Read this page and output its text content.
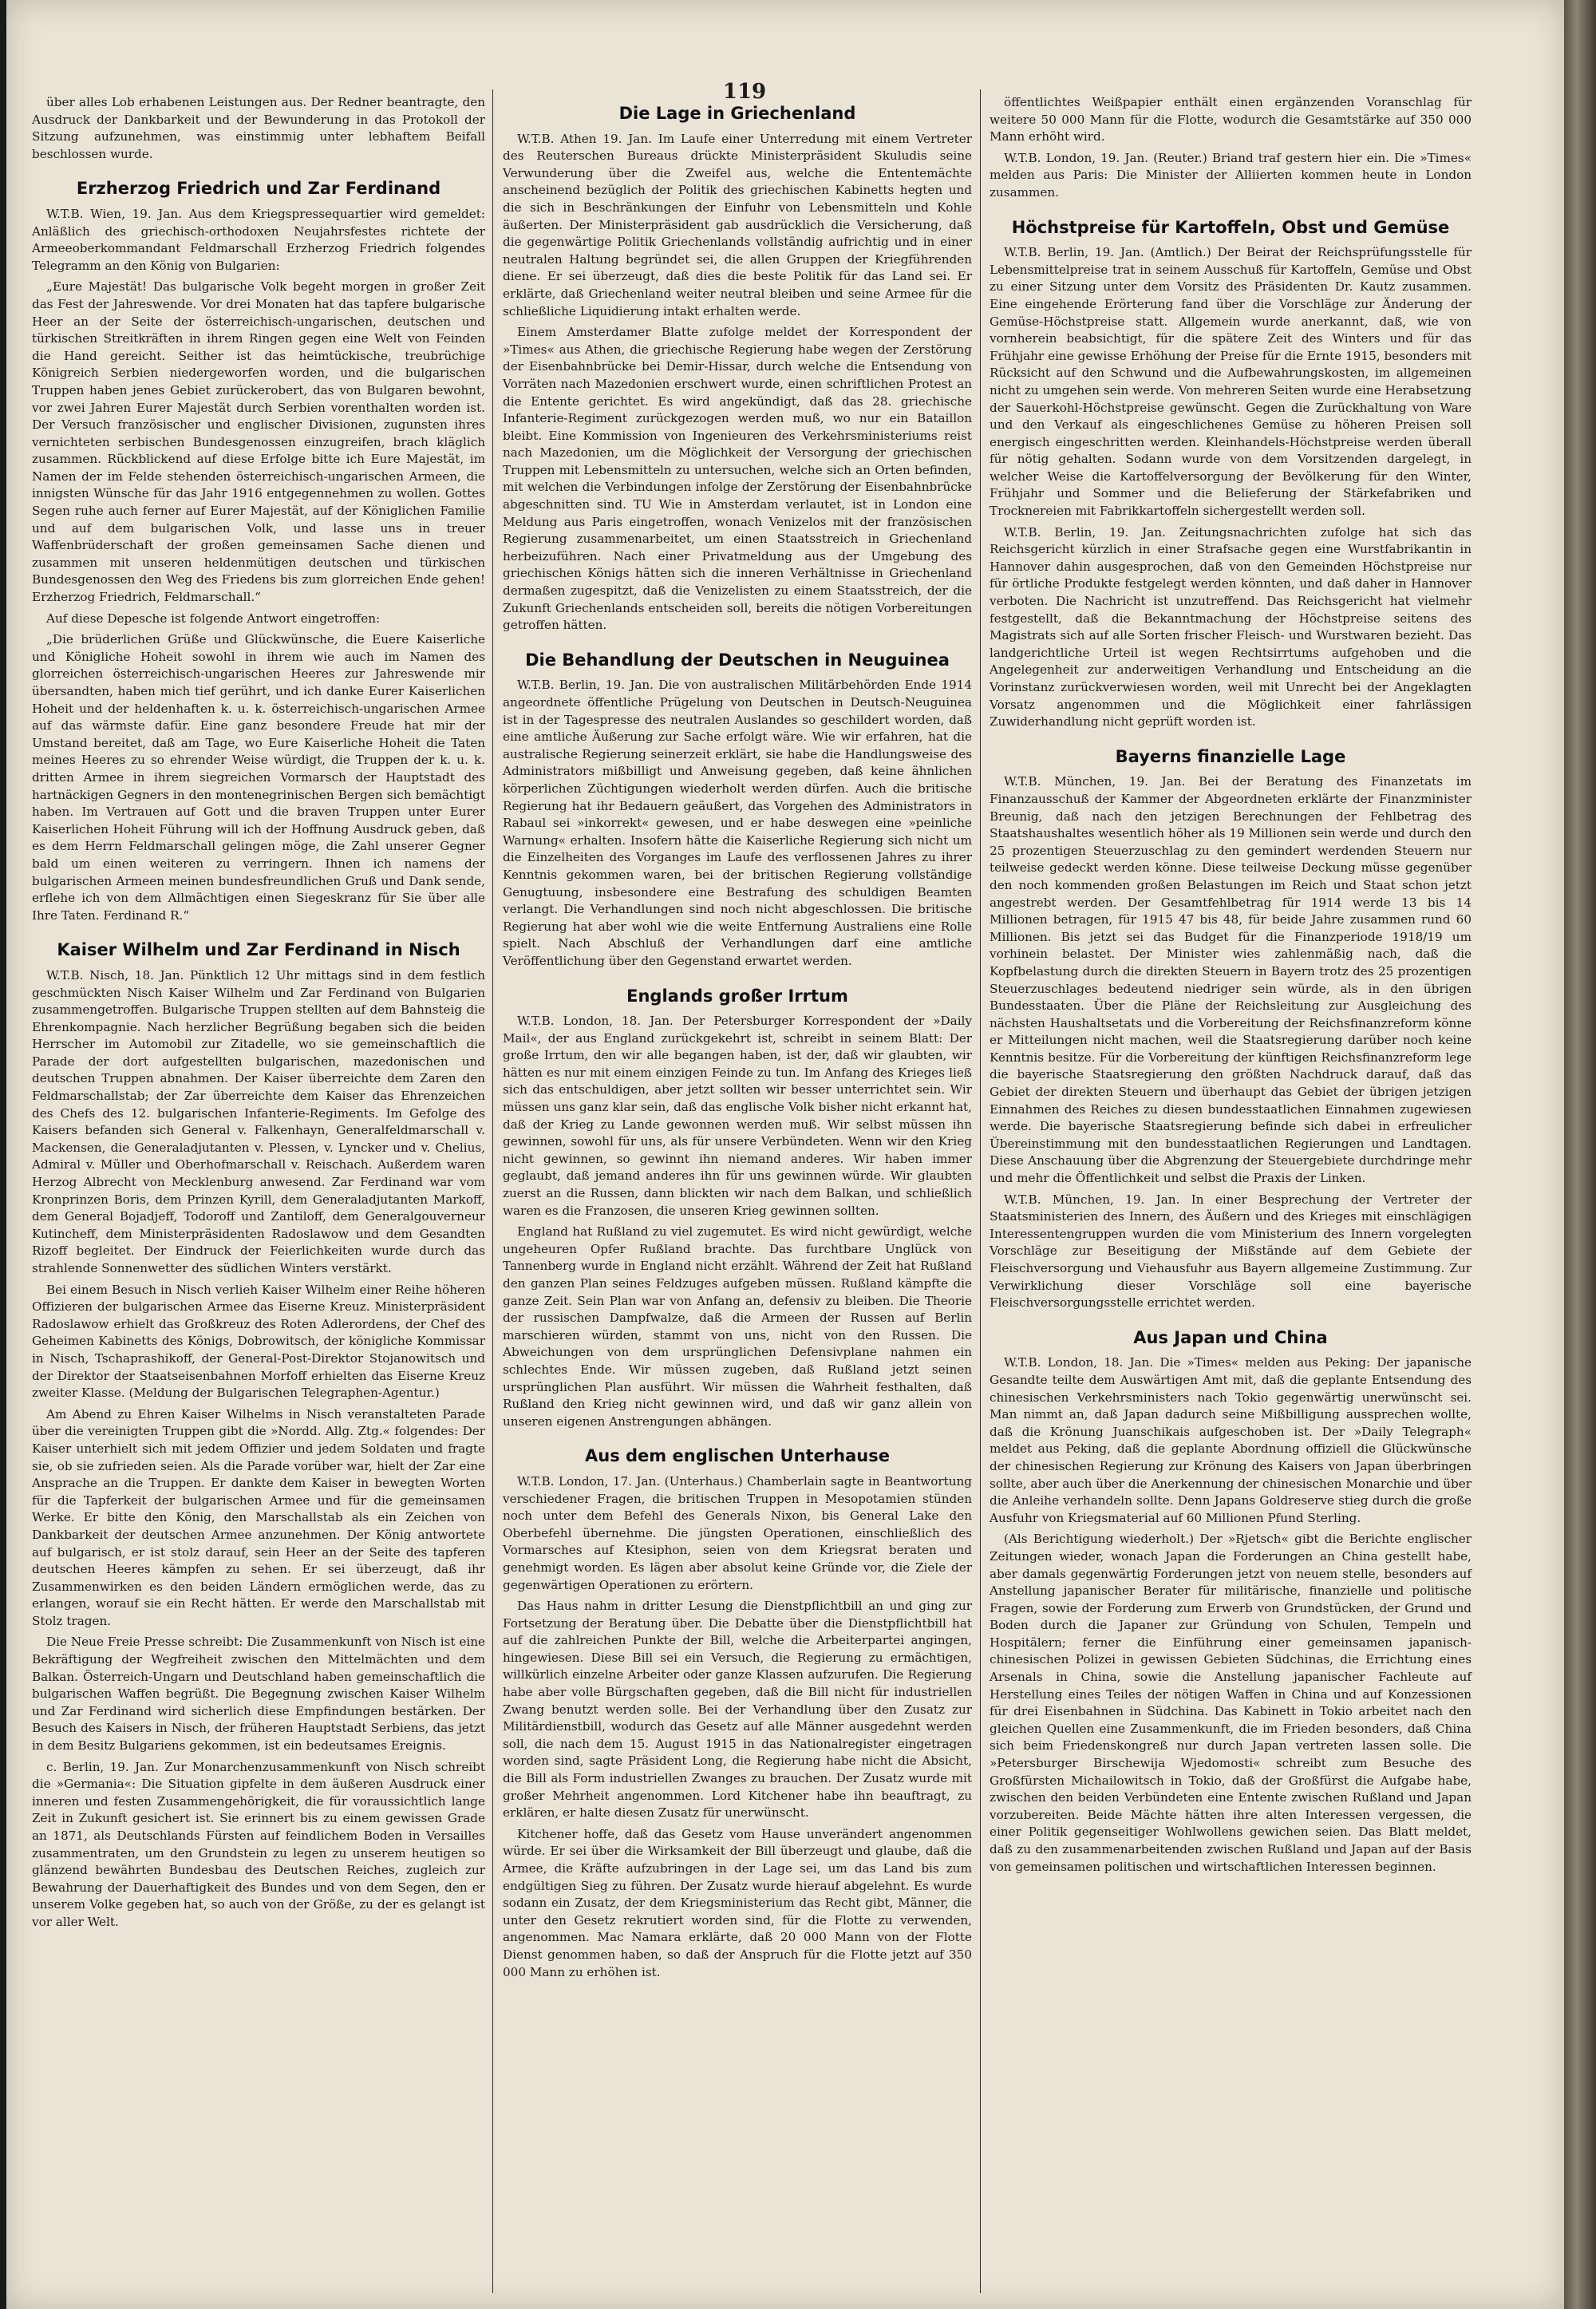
119

über alles Lob erhabenen Leistungen aus. Der Redner beantragte, den Ausdruck der Dankbarkeit und der Bewunderung in das Protokoll der Sitzung aufzunehmen, was einstimmig unter lebhaftem Beifall beschlossen wurde.

Erzherzog Friedrich und Zar Ferdinand

W.T.B. Wien, 19. Jan. Aus dem Kriegspressequartier wird gemeldet: Anläßlich des griechisch-orthodoxen Neujahrsfestes richtete der Armeeoberkommandant Feldmarschall Erzherzog Friedrich folgendes Telegramm an den König von Bulgarien:

„Eure Majestät! Das bulgarische Volk begeht morgen in großer Zeit das Fest der Jahreswende. Vor drei Monaten hat das tapfere bulgarische Heer an der Seite der österreichisch-ungarischen, deutschen und türkischen Streitkräften in ihrem Ringen gegen eine Welt von Feinden die Hand gereicht. Seither ist das heimtückische, treubrüchige Königreich Serbien niedergeworfen worden, und die bulgarischen Truppen haben jenes Gebiet zurückerobert, das von Bulgaren bewohnt, vor zwei Jahren Eurer Majestät durch Serbien vorenthalten worden ist. Der Versuch französischer und englischer Divisionen, zugunsten ihres vernichteten serbischen Bundesgenossen einzugreifen, brach kläglich zusammen. Rückblickend auf diese Erfolge bitte ich Eure Majestät, im Namen der im Felde stehenden österreichisch-ungarischen Armeen, die innigsten Wünsche für das Jahr 1916 entgegennehmen zu wollen. Gottes Segen ruhe auch ferner auf Eurer Majestät, auf der Königlichen Familie und auf dem bulgarischen Volk, und lasse uns in treuer Waffenbrüderschaft der großen gemeinsamen Sache dienen und zusammen mit unseren heldenmütigen deutschen und türkischen Bundesgenossen den Weg des Friedens bis zum glorreichen Ende gehen! Erzherzog Friedrich, Feldmarschall.“

Auf diese Depesche ist folgende Antwort eingetroffen:

„Die brüderlichen Grüße und Glückwünsche, die Euere Kaiserliche und Königliche Hoheit sowohl in ihrem wie auch im Namen des glorreichen österreichisch-ungarischen Heeres zur Jahreswende mir übersandten, haben mich tief gerührt, und ich danke Eurer Kaiserlichen Hoheit und der heldenhaften k. u. k. österreichisch-ungarischen Armee auf das wärmste dafür. Eine ganz besondere Freude hat mir der Umstand bereitet, daß am Tage, wo Eure Kaiserliche Hoheit die Taten meines Heeres zu so ehrender Weise würdigt, die Truppen der k. u. k. dritten Armee in ihrem siegreichen Vormarsch der Hauptstadt des hartnäckigen Gegners in den montenegrinischen Bergen sich bemächtigt haben. Im Vertrauen auf Gott und die braven Truppen unter Eurer Kaiserlichen Hoheit Führung will ich der Hoffnung Ausdruck geben, daß es dem Herrn Feldmarschall gelingen möge, die Zahl unserer Gegner bald um einen weiteren zu verringern. Ihnen ich namens der bulgarischen Armeen meinen bundesfreundlichen Gruß und Dank sende, erflehe ich von dem Allmächtigen einen Siegeskranz für Sie über alle Ihre Taten. Ferdinand R.“

Kaiser Wilhelm und Zar Ferdinand in Nisch

W.T.B. Nisch, 18. Jan. Pünktlich 12 Uhr mittags sind in dem festlich geschmückten Nisch Kaiser Wilhelm und Zar Ferdinand von Bulgarien zusammengetroffen. Bulgarische Truppen stellten auf dem Bahnsteig die Ehrenkompagnie. Nach herzlicher Begrüßung begaben sich die beiden Herrscher im Automobil zur Zitadelle, wo sie gemeinschaftlich die Parade der dort aufgestellten bulgarischen, mazedonischen und deutschen Truppen abnahmen. Der Kaiser überreichte dem Zaren den Feldmarschallstab; der Zar überreichte dem Kaiser das Ehrenzeichen des Chefs des 12. bulgarischen Infanterie-Regiments. Im Gefolge des Kaisers befanden sich General v. Falkenhayn, Generalfeldmarschall v. Mackensen, die Generaladjutanten v. Plessen, v. Lyncker und v. Chelius, Admiral v. Müller und Oberhofmarschall v. Reischach. Außerdem waren Herzog Albrecht von Mecklenburg anwesend. Zar Ferdinand war vom Kronprinzen Boris, dem Prinzen Kyrill, dem Generaladjutanten Markoff, dem General Bojadjeff, Todoroff und Zantiloff, dem Generalgouverneur Kutincheff, dem Ministerpräsidenten Radoslawow und dem Gesandten Rizoff begleitet. Der Eindruck der Feierlichkeiten wurde durch das strahlende Sonnenwetter des südlichen Winters verstärkt.

Bei einem Besuch in Nisch verlieh Kaiser Wilhelm einer Reihe höheren Offizieren der bulgarischen Armee das Eiserne Kreuz. Ministerpräsident Radoslawow erhielt das Großkreuz des Roten Adlerordens, der Chef des Geheimen Kabinetts des Königs, Dobrowitsch, der königliche Kommissar in Nisch, Tschaprashikoff, der General-Post-Direktor Stojanowitsch und der Direktor der Staatseisenbahnen Morfoff erhielten das Eiserne Kreuz zweiter Klasse. (Meldung der Bulgarischen Telegraphen-Agentur.)

Am Abend zu Ehren Kaiser Wilhelms in Nisch veranstalteten Parade über die vereinigten Truppen gibt die »Nordd. Allg. Ztg.« folgendes: Der Kaiser unterhielt sich mit jedem Offizier und jedem Soldaten und fragte sie, ob sie zufrieden seien. Als die Parade vorüber war, hielt der Zar eine Ansprache an die Truppen. Er dankte dem Kaiser in bewegten Worten für die Tapferkeit der bulgarischen Armee und für die gemeinsamen Werke. Er bitte den König, den Marschallstab als ein Zeichen von Dankbarkeit der deutschen Armee anzunehmen. Der König antwortete auf bulgarisch, er ist stolz darauf, sein Heer an der Seite des tapferen deutschen Heeres kämpfen zu sehen. Er sei überzeugt, daß ihr Zusammenwirken es den beiden Ländern ermöglichen werde, das zu erlangen, worauf sie ein Recht hätten. Er werde den Marschallstab mit Stolz tragen.

Die Neue Freie Presse schreibt: Die Zusammenkunft von Nisch ist eine Bekräftigung der Wegfreiheit zwischen den Mittelmächten und dem Balkan. Österreich-Ungarn und Deutschland haben gemeinschaftlich die bulgarischen Waffen begrüßt. Die Begegnung zwischen Kaiser Wilhelm und Zar Ferdinand wird sicherlich diese Empfindungen bestärken. Der Besuch des Kaisers in Nisch, der früheren Hauptstadt Serbiens, das jetzt in dem Besitz Bulgariens gekommen, ist ein bedeutsames Ereignis.

c. Berlin, 19. Jan. Zur Monarchenzusammenkunft von Nisch schreibt die »Germania«: Die Situation gipfelte in dem äußeren Ausdruck einer inneren und festen Zusammengehörigkeit, die für voraussichtlich lange Zeit in Zukunft gesichert ist. Sie erinnert bis zu einem gewissen Grade an 1871, als Deutschlands Fürsten auf feindlichem Boden in Versailles zusammentraten, um den Grundstein zu legen zu unserem heutigen so glänzend bewährten Bundesbau des Deutschen Reiches, zugleich zur Bewahrung der Dauerhaftigkeit des Bundes und von dem Segen, den er unserem Volke gegeben hat, so auch von der Größe, zu der es gelangt ist vor aller Welt.

Die Lage in Griechenland

W.T.B. Athen 19. Jan. Im Laufe einer Unterredung mit einem Vertreter des Reuterschen Bureaus drückte Ministerpräsident Skuludis seine Verwunderung über die Zweifel aus, welche die Ententemächte anscheinend bezüglich der Politik des griechischen Kabinetts hegten und die sich in Beschränkungen der Einfuhr von Lebensmitteln und Kohle äußerten. Der Ministerpräsident gab ausdrücklich die Versicherung, daß die gegenwärtige Politik Griechenlands vollständig aufrichtig und in einer neutralen Haltung begründet sei, die allen Gruppen der Kriegführenden diene. Er sei überzeugt, daß dies die beste Politik für das Land sei. Er erklärte, daß Griechenland weiter neutral bleiben und seine Armee für die schließliche Liquidierung intakt erhalten werde.

Einem Amsterdamer Blatte zufolge meldet der Korrespondent der »Times« aus Athen, die griechische Regierung habe wegen der Zerstörung der Eisenbahnbrücke bei Demir-Hissar, durch welche die Entsendung von Vorräten nach Mazedonien erschwert wurde, einen schriftlichen Protest an die Entente gerichtet. Es wird angekündigt, daß das 28. griechische Infanterie-Regiment zurückgezogen werden muß, wo nur ein Bataillon bleibt. Eine Kommission von Ingenieuren des Verkehrsministeriums reist nach Mazedonien, um die Möglichkeit der Versorgung der griechischen Truppen mit Lebensmitteln zu untersuchen, welche sich an Orten befinden, mit welchen die Verbindungen infolge der Zerstörung der Eisenbahnbrücke abgeschnitten sind. TU Wie in Amsterdam verlautet, ist in London eine Meldung aus Paris eingetroffen, wonach Venizelos mit der französischen Regierung zusammenarbeitet, um einen Staatsstreich in Griechenland herbeizuführen. Nach einer Privatmeldung aus der Umgebung des griechischen Königs hätten sich die inneren Verhältnisse in Griechenland dermaßen zugespitzt, daß die Venizelisten zu einem Staatsstreich, der die Zukunft Griechenlands entscheiden soll, bereits die nötigen Vorbereitungen getroffen hätten.

Die Behandlung der Deutschen in Neuguinea

W.T.B. Berlin, 19. Jan. Die von australischen Militärbehörden Ende 1914 angeordnete öffentliche Prügelung von Deutschen in Deutsch-Neuguinea ist in der Tagespresse des neutralen Auslandes so geschildert worden, daß eine amtliche Äußerung zur Sache erfolgt wäre. Wie wir erfahren, hat die australische Regierung seinerzeit erklärt, sie habe die Handlungsweise des Administrators mißbilligt und Anweisung gegeben, daß keine ähnlichen körperlichen Züchtigungen wiederholt werden dürfen. Auch die britische Regierung hat ihr Bedauern geäußert, das Vorgehen des Administrators in Rabaul sei »inkorrekt« gewesen, und er habe deswegen eine »peinliche Warnung« erhalten. Insofern hätte die Kaiserliche Regierung sich nicht um die Einzelheiten des Vorganges im Laufe des verflossenen Jahres zu ihrer Kenntnis gekommen waren, bei der britischen Regierung vollständige Genugtuung, insbesondere eine Bestrafung des schuldigen Beamten verlangt. Die Verhandlungen sind noch nicht abgeschlossen. Die britische Regierung hat aber wohl wie die weite Entfernung Australiens eine Rolle spielt. Nach Abschluß der Verhandlungen darf eine amtliche Veröffentlichung über den Gegenstand erwartet werden.

Englands großer Irrtum

W.T.B. London, 18. Jan. Der Petersburger Korrespondent der »Daily Mail«, der aus England zurückgekehrt ist, schreibt in seinem Blatt: Der große Irrtum, den wir alle begangen haben, ist der, daß wir glaubten, wir hätten es nur mit einem einzigen Feinde zu tun. Im Anfang des Krieges ließ sich das entschuldigen, aber jetzt sollten wir besser unterrichtet sein. Wir müssen uns ganz klar sein, daß das englische Volk bisher nicht erkannt hat, daß der Krieg zu Lande gewonnen werden muß. Wir selbst müssen ihn gewinnen, sowohl für uns, als für unsere Verbündeten. Wenn wir den Krieg nicht gewinnen, so gewinnt ihn niemand anderes. Wir haben immer geglaubt, daß jemand anderes ihn für uns gewinnen würde. Wir glaubten zuerst an die Russen, dann blickten wir nach dem Balkan, und schließlich waren es die Franzosen, die unseren Krieg gewinnen sollten.

England hat Rußland zu viel zugemutet. Es wird nicht gewürdigt, welche ungeheuren Opfer Rußland brachte. Das furchtbare Unglück von Tannenberg wurde in England nicht erzählt. Während der Zeit hat Rußland den ganzen Plan seines Feldzuges aufgeben müssen. Rußland kämpfte die ganze Zeit. Sein Plan war von Anfang an, defensiv zu bleiben. Die Theorie der russischen Dampfwalze, daß die Armeen der Russen auf Berlin marschieren würden, stammt von uns, nicht von den Russen. Die Abweichungen von dem ursprünglichen Defensivplane nahmen ein schlechtes Ende. Wir müssen zugeben, daß Rußland jetzt seinen ursprünglichen Plan ausführt. Wir müssen die Wahrheit festhalten, daß Rußland den Krieg nicht gewinnen wird, und daß wir ganz allein von unseren eigenen Anstrengungen abhängen.

Aus dem englischen Unterhause

W.T.B. London, 17. Jan. (Unterhaus.) Chamberlain sagte in Beantwortung verschiedener Fragen, die britischen Truppen in Mesopotamien stünden noch unter dem Befehl des Generals Nixon, bis General Lake den Oberbefehl übernehme. Die jüngsten Operationen, einschließlich des Vormarsches auf Ktesiphon, seien von dem Kriegsrat beraten und genehmigt worden. Es lägen aber absolut keine Gründe vor, die Ziele der gegenwärtigen Operationen zu erörtern.

Das Haus nahm in dritter Lesung die Dienstpflichtbill an und ging zur Fortsetzung der Beratung über. Die Debatte über die Dienstpflichtbill hat auf die zahlreichen Punkte der Bill, welche die Arbeiterpartei angingen, hingewiesen. Diese Bill sei ein Versuch, die Regierung zu ermächtigen, willkürlich einzelne Arbeiter oder ganze Klassen aufzurufen. Die Regierung habe aber volle Bürgschaften gegeben, daß die Bill nicht für industriellen Zwang benutzt werden solle. Bei der Verhandlung über den Zusatz zur Militärdienstbill, wodurch das Gesetz auf alle Männer ausgedehnt werden soll, die nach dem 15. August 1915 in das Nationalregister eingetragen worden sind, sagte Präsident Long, die Regierung habe nicht die Absicht, die Bill als Form industriellen Zwanges zu brauchen. Der Zusatz wurde mit großer Mehrheit angenommen. Lord Kitchener habe ihn beauftragt, zu erklären, er halte diesen Zusatz für unerwünscht.

Kitchener hoffe, daß das Gesetz vom Hause unverändert angenommen würde. Er sei über die Wirksamkeit der Bill überzeugt und glaube, daß die Armee, die Kräfte aufzubringen in der Lage sei, um das Land bis zum endgültigen Sieg zu führen. Der Zusatz wurde hierauf abgelehnt. Es wurde sodann ein Zusatz, der dem Kriegsministerium das Recht gibt, Männer, die unter den Gesetz rekrutiert worden sind, für die Flotte zu verwenden, angenommen. Mac Namara erklärte, daß 20 000 Mann von der Flotte Dienst genommen haben, so daß der Anspruch für die Flotte jetzt auf 350 000 Mann zu erhöhen ist.

öffentlichtes Weißpapier enthält einen ergänzenden Voranschlag für weitere 50 000 Mann für die Flotte, wodurch die Gesamtstärke auf 350 000 Mann erhöht wird.

W.T.B. London, 19. Jan. (Reuter.) Briand traf gestern hier ein. Die »Times« melden aus Paris: Die Minister der Alliierten kommen heute in London zusammen.

Höchstpreise für Kartoffeln, Obst und Gemüse

W.T.B. Berlin, 19. Jan. (Amtlich.) Der Beirat der Reichsprüfungsstelle für Lebensmittelpreise trat in seinem Ausschuß für Kartoffeln, Gemüse und Obst zu einer Sitzung unter dem Vorsitz des Präsidenten Dr. Kautz zusammen. Eine eingehende Erörterung fand über die Vorschläge zur Änderung der Gemüse-Höchstpreise statt. Allgemein wurde anerkannt, daß, wie von vornherein beabsichtigt, für die spätere Zeit des Winters und für das Frühjahr eine gewisse Erhöhung der Preise für die Ernte 1915, besonders mit Rücksicht auf den Schwund und die Aufbewahrungskosten, im allgemeinen nicht zu umgehen sein werde. Von mehreren Seiten wurde eine Herabsetzung der Sauerkohl-Höchstpreise gewünscht. Gegen die Zurückhaltung von Ware und den Verkauf als eingeschlichenes Gemüse zu höheren Preisen soll energisch eingeschritten werden. Kleinhandels-Höchstpreise werden überall für nötig gehalten. Sodann wurde von dem Vorsitzenden dargelegt, in welcher Weise die Kartoffelversorgung der Bevölkerung für den Winter, Frühjahr und Sommer und die Belieferung der Stärkefabriken und Trocknereien mit Fabrikkartoffeln sichergestellt werden soll.

W.T.B. Berlin, 19. Jan. Zeitungsnachrichten zufolge hat sich das Reichsgericht kürzlich in einer Strafsache gegen eine Wurstfabrikantin in Hannover dahin ausgesprochen, daß von den Gemeinden Höchstpreise nur für örtliche Produkte festgelegt werden könnten, und daß daher in Hannover verboten. Die Nachricht ist unzutreffend. Das Reichsgericht hat vielmehr festgestellt, daß die Bekanntmachung der Höchstpreise seitens des Magistrats sich auf alle Sorten frischer Fleisch- und Wurstwaren bezieht. Das landgerichtliche Urteil ist wegen Rechtsirrtums aufgehoben und die Angelegenheit zur anderweitigen Verhandlung und Entscheidung an die Vorinstanz zurückverwiesen worden, weil mit Unrecht bei der Angeklagten Vorsatz angenommen und die Möglichkeit einer fahrlässigen Zuwiderhandlung nicht geprüft worden ist.

Bayerns finanzielle Lage

W.T.B. München, 19. Jan. Bei der Beratung des Finanzetats im Finanzausschuß der Kammer der Abgeordneten erklärte der Finanzminister Breunig, daß nach den jetzigen Berechnungen der Fehlbetrag des Staatshaushaltes wesentlich höher als 19 Millionen sein werde und durch den 25 prozentigen Steuerzuschlag zu den gemindert werdenden Steuern nur teilweise gedeckt werden könne. Diese teilweise Deckung müsse gegenüber den noch kommenden großen Belastungen im Reich und Staat schon jetzt angestrebt werden. Der Gesamtfehlbetrag für 1914 werde 13 bis 14 Millionen betragen, für 1915 47 bis 48, für beide Jahre zusammen rund 60 Millionen. Bis jetzt sei das Budget für die Finanzperiode 1918/19 um vorhinein belastet. Der Minister wies zahlenmäßig nach, daß die Kopfbelastung durch die direkten Steuern in Bayern trotz des 25 prozentigen Steuerzuschlages bedeutend niedriger sein würde, als in den übrigen Bundesstaaten. Über die Pläne der Reichsleitung zur Ausgleichung des nächsten Haushaltsetats und die Vorbereitung der Reichsfinanzreform könne er Mitteilungen nicht machen, weil die Staatsregierung darüber noch keine Kenntnis besitze. Für die Vorbereitung der künftigen Reichsfinanzreform lege die bayerische Staatsregierung den größten Nachdruck darauf, daß das Gebiet der direkten Steuern und überhaupt das Gebiet der übrigen jetzigen Einnahmen des Reiches zu diesen bundesstaatlichen Einnahmen zugewiesen werde. Die bayerische Staatsregierung befinde sich dabei in erfreulicher Übereinstimmung mit den bundesstaatlichen Regierungen und Landtagen. Diese Anschauung über die Abgrenzung der Steuergebiete durchdringe mehr und mehr die Öffentlichkeit und selbst die Praxis der Linken.

W.T.B. München, 19. Jan. In einer Besprechung der Vertreter der Staatsministerien des Innern, des Äußern und des Krieges mit einschlägigen Interessentengruppen wurden die vom Ministerium des Innern vorgelegten Vorschläge zur Beseitigung der Mißstände auf dem Gebiete der Fleischversorgung und Viehausfuhr aus Bayern allgemeine Zustimmung. Zur Verwirklichung dieser Vorschläge soll eine bayerische Fleischversorgungsstelle errichtet werden.

Aus Japan und China

W.T.B. London, 18. Jan. Die »Times« melden aus Peking: Der japanische Gesandte teilte dem Auswärtigen Amt mit, daß die geplante Entsendung des chinesischen Verkehrsministers nach Tokio gegenwärtig unerwünscht sei. Man nimmt an, daß Japan dadurch seine Mißbilligung aussprechen wollte, daß die Krönung Juanschikais aufgeschoben ist. Der »Daily Telegraph« meldet aus Peking, daß die geplante Abordnung offiziell die Glückwünsche der chinesischen Regierung zur Krönung des Kaisers von Japan überbringen sollte, aber auch über die Anerkennung der chinesischen Monarchie und über die Anleihe verhandeln sollte. Denn Japans Goldreserve stieg durch die große Ausfuhr von Kriegsmaterial auf 60 Millionen Pfund Sterling.

(Als Berichtigung wiederholt.) Der »Rjetsch« gibt die Berichte englischer Zeitungen wieder, wonach Japan die Forderungen an China gestellt habe, aber damals gegenwärtig Forderungen jetzt von neuem stelle, besonders auf Anstellung japanischer Berater für militärische, finanzielle und politische Fragen, sowie der Forderung zum Erwerb von Grundstücken, der Grund und Boden durch die Japaner zur Gründung von Schulen, Tempeln und Hospitälern; ferner die Einführung einer gemeinsamen japanisch-chinesischen Polizei in gewissen Gebieten Südchinas, die Errichtung eines Arsenals in China, sowie die Anstellung japanischer Fachleute auf Herstellung eines Teiles der nötigen Waffen in China und auf Konzessionen für drei Eisenbahnen in Südchina. Das Kabinett in Tokio arbeitet nach den gleichen Quellen eine Zusammenkunft, die im Frieden besonders, daß China sich beim Friedenskongreß nur durch Japan vertreten lassen solle. Die »Petersburger Birschewija Wjedomosti« schreibt zum Besuche des Großfürsten Michailowitsch in Tokio, daß der Großfürst die Aufgabe habe, zwischen den beiden Verbündeten eine Entente zwischen Rußland und Japan vorzubereiten. Beide Mächte hätten ihre alten Interessen vergessen, die einer Politik gegenseitiger Wohlwollens gewichen seien. Das Blatt meldet, daß zu den zusammenarbeitenden zwischen Rußland und Japan auf der Basis von gemeinsamen politischen und wirtschaftlichen Interessen beginnen.
